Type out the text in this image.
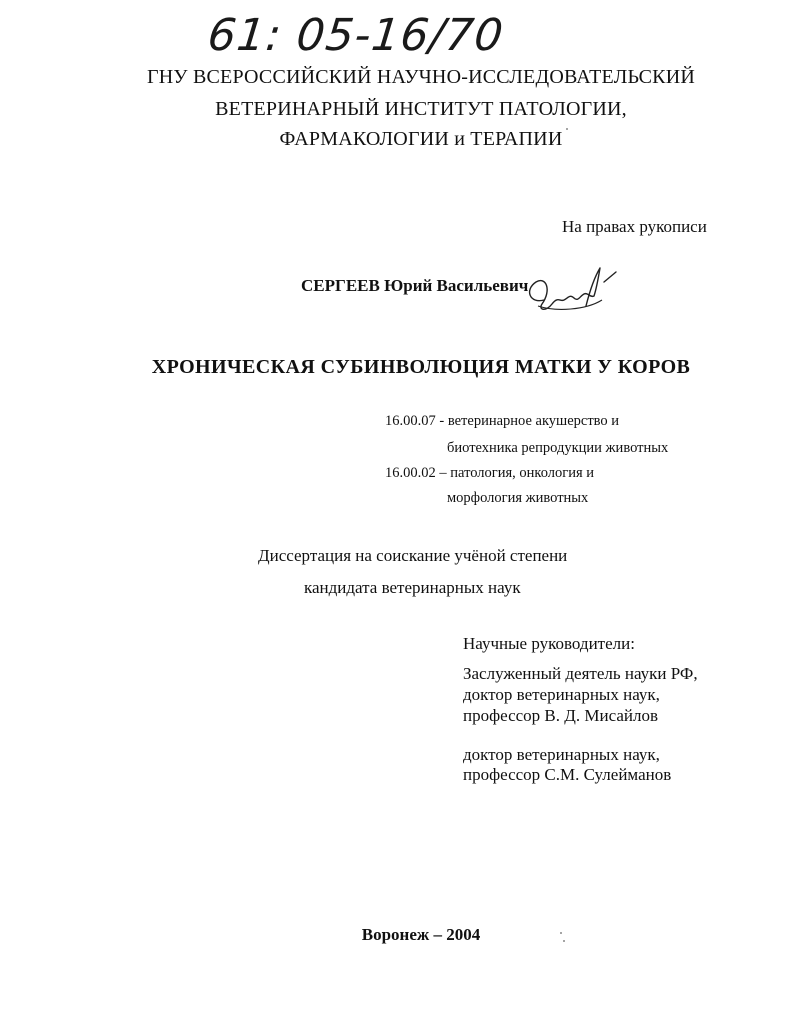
61: 05-16/70

ГНУ ВСЕРОССИЙСКИЙ НАУЧНО-ИССЛЕДОВАТЕЛЬСКИЙ

ВЕТЕРИНАРНЫЙ ИНСТИТУТ ПАТОЛОГИИ,

ФАРМАКОЛОГИИ и ТЕРАПИИ

На правах рукописи

СЕРГЕЕВ Юрий Васильевич

ХРОНИЧЕСКАЯ СУБИНВОЛЮЦИЯ МАТКИ У КОРОВ

16.00.07 - ветеринарное акушерство и

биотехника репродукции животных

16.00.02 – патология, онкология и

морфология животных

Диссертация на соискание учёной степени

кандидата ветеринарных наук

Научные руководители:

Заслуженный деятель науки РФ,

доктор ветеринарных наук,

профессор В. Д. Мисайлов

доктор ветеринарных наук,

профессор С.М. Сулейманов

Воронеж – 2004
